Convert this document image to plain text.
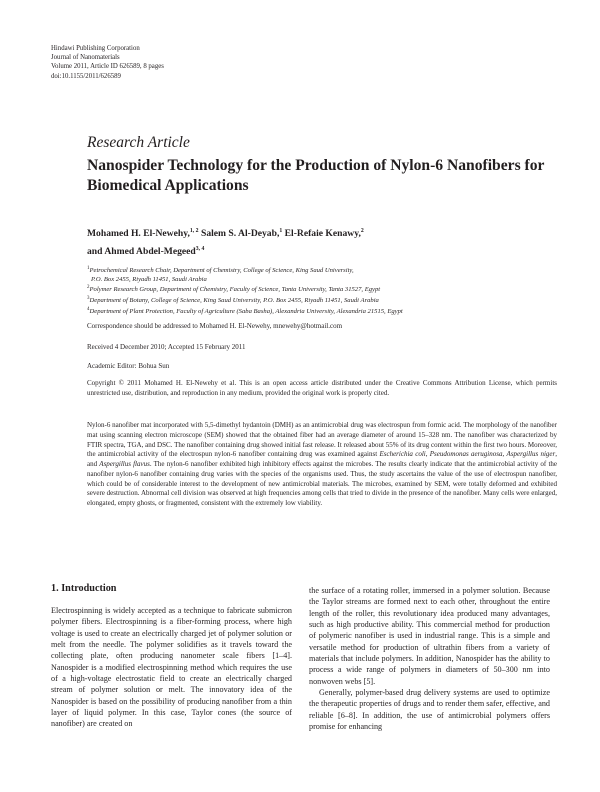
Hindawi Publishing Corporation
Journal of Nanomaterials
Volume 2011, Article ID 626589, 8 pages
doi:10.1155/2011/626589
Research Article
Nanospider Technology for the Production of Nylon-6 Nanofibers for Biomedical Applications
Mohamed H. El-Newehy,$^{1, 2}$ Salem S. Al-Deyab,$^1$ El-Refaie Kenawy,$^2$
and Ahmed Abdel-Megeed$^{3, 4}$
$^1$Petrochemical Research Chair, Department of Chemistry, College of Science, King Saud University,
P.O. Box 2455, Riyadh 11451, Saudi Arabia
$^2$Polymer Research Group, Department of Chemistry, Faculty of Science, Tanta University, Tanta 31527, Egypt
$^3$Department of Botany, College of Science, King Saud University, P.O. Box 2455, Riyadh 11451, Saudi Arabia
$^4$Department of Plant Protection, Faculty of Agriculture (Saba Basha), Alexandria University, Alexandria 21515, Egypt
Correspondence should be addressed to Mohamed H. El-Newehy, mnewehy@hotmail.com
Received 4 December 2010; Accepted 15 February 2011
Academic Editor: Bohua Sun
Copyright © 2011 Mohamed H. El-Newehy et al. This is an open access article distributed under the Creative Commons Attribution License, which permits unrestricted use, distribution, and reproduction in any medium, provided the original work is properly cited.
Nylon-6 nanofiber mat incorporated with 5,5-dimethyl hydantoin (DMH) as an antimicrobial drug was electrospun from formic acid. The morphology of the nanofiber mat using scanning electron microscope (SEM) showed that the obtained fiber had an average diameter of around 15–328 nm. The nanofiber was characterized by FTIR spectra, TGA, and DSC. The nanofiber containing drug showed initial fast release. It released about 55% of its drug content within the first two hours. Moreover, the antimicrobial activity of the electrospun nylon-6 nanofiber containing drug was examined against Escherichia coli, Pseudomonas aeruginosa, Aspergillus niger, and Aspergillus flavus. The nylon-6 nanofiber exhibited high inhibitory effects against the microbes. The results clearly indicate that the antimicrobial activity of the nanofiber nylon-6 nanofiber containing drug varies with the species of the organisms used. Thus, the study ascertains the value of the use of electrospun nanofiber, which could be of considerable interest to the development of new antimicrobial materials. The microbes, examined by SEM, were totally deformed and exhibited severe destruction. Abnormal cell division was observed at high frequencies among cells that tried to divide in the presence of the nanofiber. Many cells were enlarged, elongated, empty ghosts, or fragmented, consistent with the extremely low viability.
1. Introduction

Electrospinning is widely accepted as a technique to fabricate submicron polymer fibers. Electrospinning is a fiber-forming process, where high voltage is used to create an electrically charged jet of polymer solution or melt from the needle. The polymer solidifies as it travels toward the collecting plate, often producing nanometer scale fibers [1–4]. Nanospider is a modified electrospinning method which requires the use of a high-voltage electrostatic field to create an electrically charged stream of polymer solution or melt. The innovatory idea of the Nanospider is based on the possibility of producing nanofiber from a thin layer of liquid polymer. In this case, Taylor cones (the source of nanofiber) are created on

the surface of a rotating roller, immersed in a polymer solution. Because the Taylor streams are formed next to each other, throughout the entire length of the roller, this revolutionary idea produced many advantages, such as high productive ability. This commercial method for production of polymeric nanofiber is used in industrial range. This is a simple and versatile method for production of ultrathin fibers from a variety of materials that include polymers. In addition, Nanospider has the ability to process a wide range of polymers in diameters of 50–300 nm into nonwoven webs [5].

Generally, polymer-based drug delivery systems are used to optimize the therapeutic properties of drugs and to render them safer, effective, and reliable [6–8]. In addition, the use of antimicrobial polymers offers promise for enhancing
